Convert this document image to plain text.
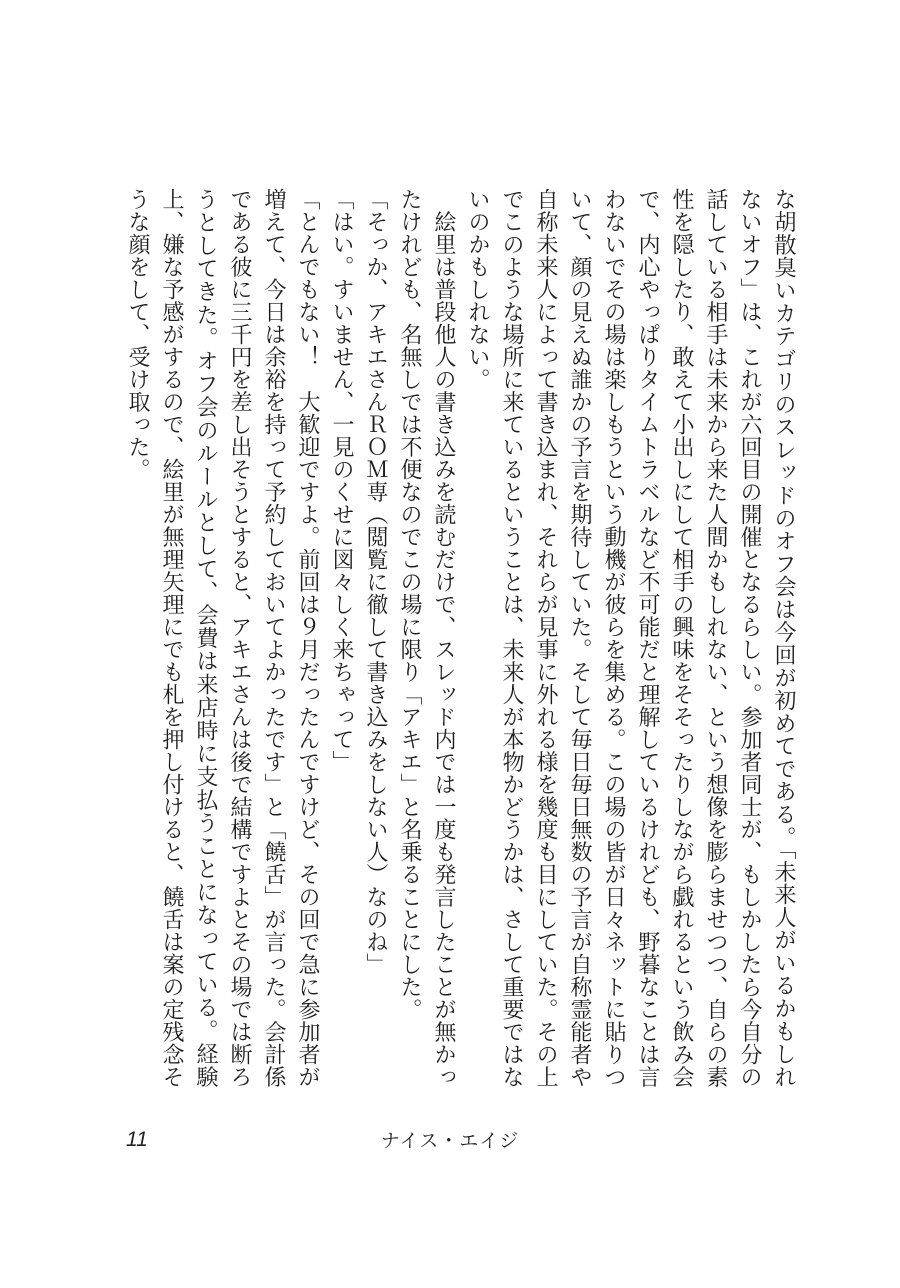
な胡散臭いカテゴリのスレッドのオフ会は今回が初めてである。「未来人がいるかもしれないオフ」は、これが六回目の開催となるらしい。参加者同士が、もしかしたら今自分の話している相手は未来から来た人間かもしれない、という想像を膨らませつつ、自らの素性を隠したり、敢えて小出しにして相手の興味をそそったりしながら戯れるという飲み会で、内心やっぱりタイムトラベルなど不可能だと理解しているけれども、野暮なことは言わないでその場は楽しもうという動機が彼らを集める。この場の皆が日々ネットに貼りついて、顔の見えぬ誰かの予言を期待していた。そして毎日毎日無数の予言が自称霊能者や自称未来人によって書き込まれ、それらが見事に外れる様を幾度も目にしていた。その上でこのような場所に来ているということは、未来人が本物かどうかは、さして重要ではないのかもしれない。

　絵里は普段他人の書き込みを読むだけで、スレッド内では一度も発言したことが無かったけれども、名無しでは不便なのでこの場に限り「アキエ」と名乗ることにした。

「そっか、アキエさんＲＯＭ専（閲覧に徹して書き込みをしない人）なのね」

「はい。すいません、一見のくせに図々しく来ちゃって」

「とんでもない！　大歓迎ですよ。前回は９月だったんですけど、その回で急に参加者が増えて、今日は余裕を持って予約しておいてよかったです」と「饒舌」が言った。会計係である彼に三千円を差し出そうとすると、アキエさんは後で結構ですよとその場では断ろうとしてきた。オフ会のルールとして、会費は来店時に支払うことになっている。経験上、嫌な予感がするので、絵里が無理矢理にでも札を押し付けると、饒舌は案の定残念そうな顔をして、受け取った。

11	ナイス・エイジ
